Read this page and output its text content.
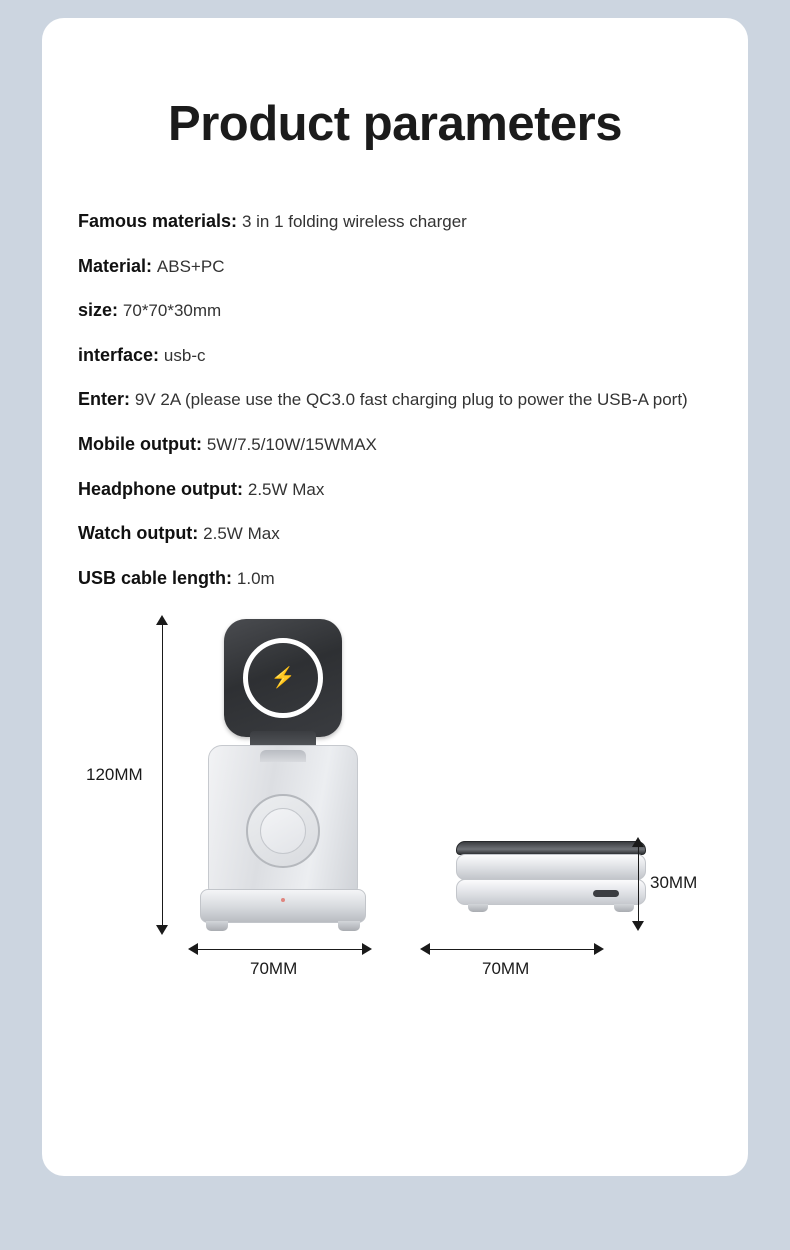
Product parameters
Famous materials: 3 in 1 folding wireless charger
Material: ABS+PC
size: 70*70*30mm
interface: usb-c
Enter: 9V 2A (please use the QC3.0 fast charging plug to power the USB-A port)
Mobile output: 5W/7.5/10W/15WMAX
Headphone output: 2.5W Max
Watch output: 2.5W Max
USB cable length: 1.0m
⚡
120MM
70MM	70MM
30MM
